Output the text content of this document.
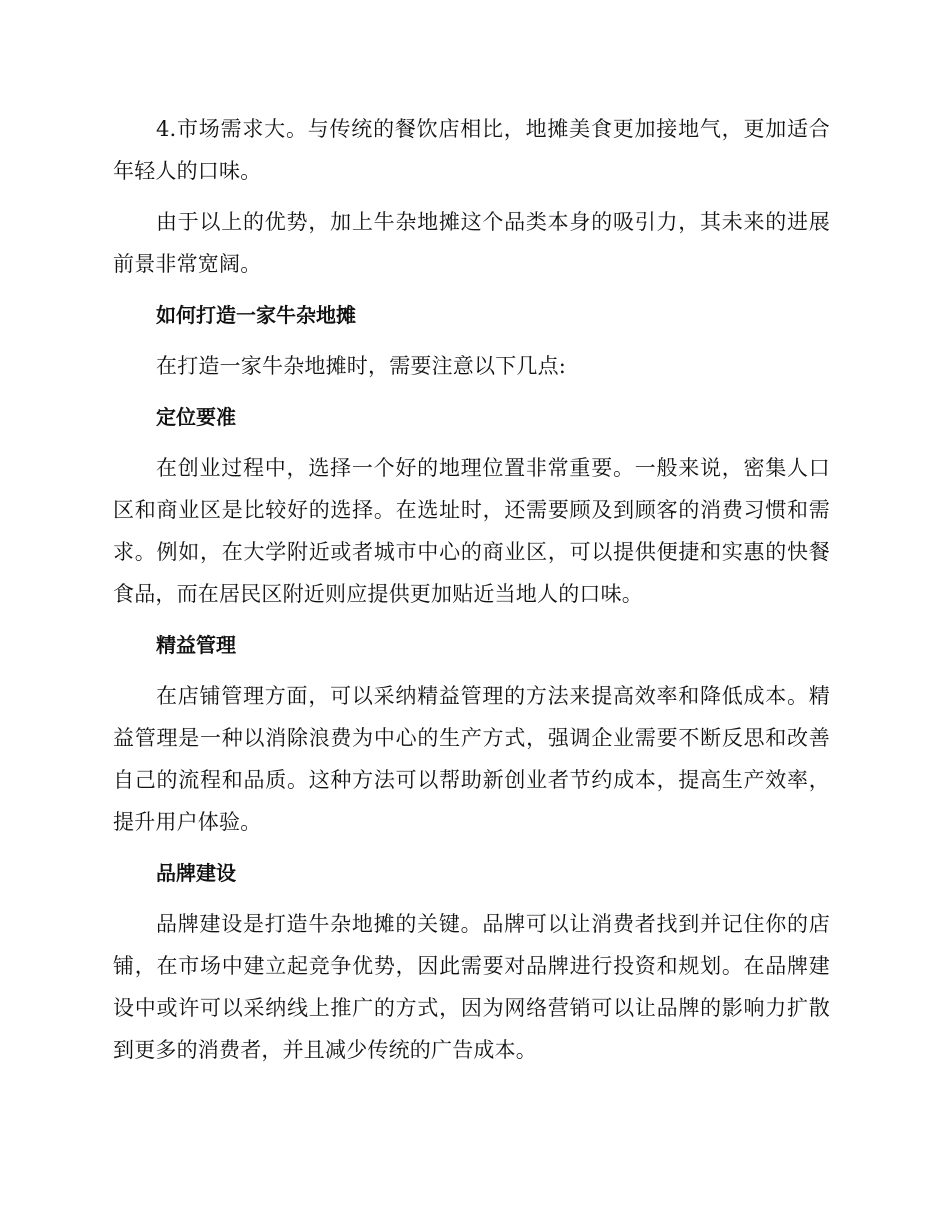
4.市场需求大。与传统的餐饮店相比，地摊美食更加接地气，更加适合年轻人的口味。

由于以上的优势，加上牛杂地摊这个品类本身的吸引力，其未来的进展前景非常宽阔。

如何打造一家牛杂地摊

在打造一家牛杂地摊时，需要注意以下几点:

定位要准

在创业过程中，选择一个好的地理位置非常重要。一般来说，密集人口区和商业区是比较好的选择。在选址时，还需要顾及到顾客的消费习惯和需求。例如，在大学附近或者城市中心的商业区，可以提供便捷和实惠的快餐食品，而在居民区附近则应提供更加贴近当地人的口味。

精益管理

在店铺管理方面，可以采纳精益管理的方法来提高效率和降低成本。精益管理是一种以消除浪费为中心的生产方式，强调企业需要不断反思和改善自己的流程和品质。这种方法可以帮助新创业者节约成本，提高生产效率，提升用户体验。

品牌建设

品牌建设是打造牛杂地摊的关键。品牌可以让消费者找到并记住你的店铺，在市场中建立起竞争优势，因此需要对品牌进行投资和规划。在品牌建设中或许可以采纳线上推广的方式，因为网络营销可以让品牌的影响力扩散到更多的消费者，并且减少传统的广告成本。
